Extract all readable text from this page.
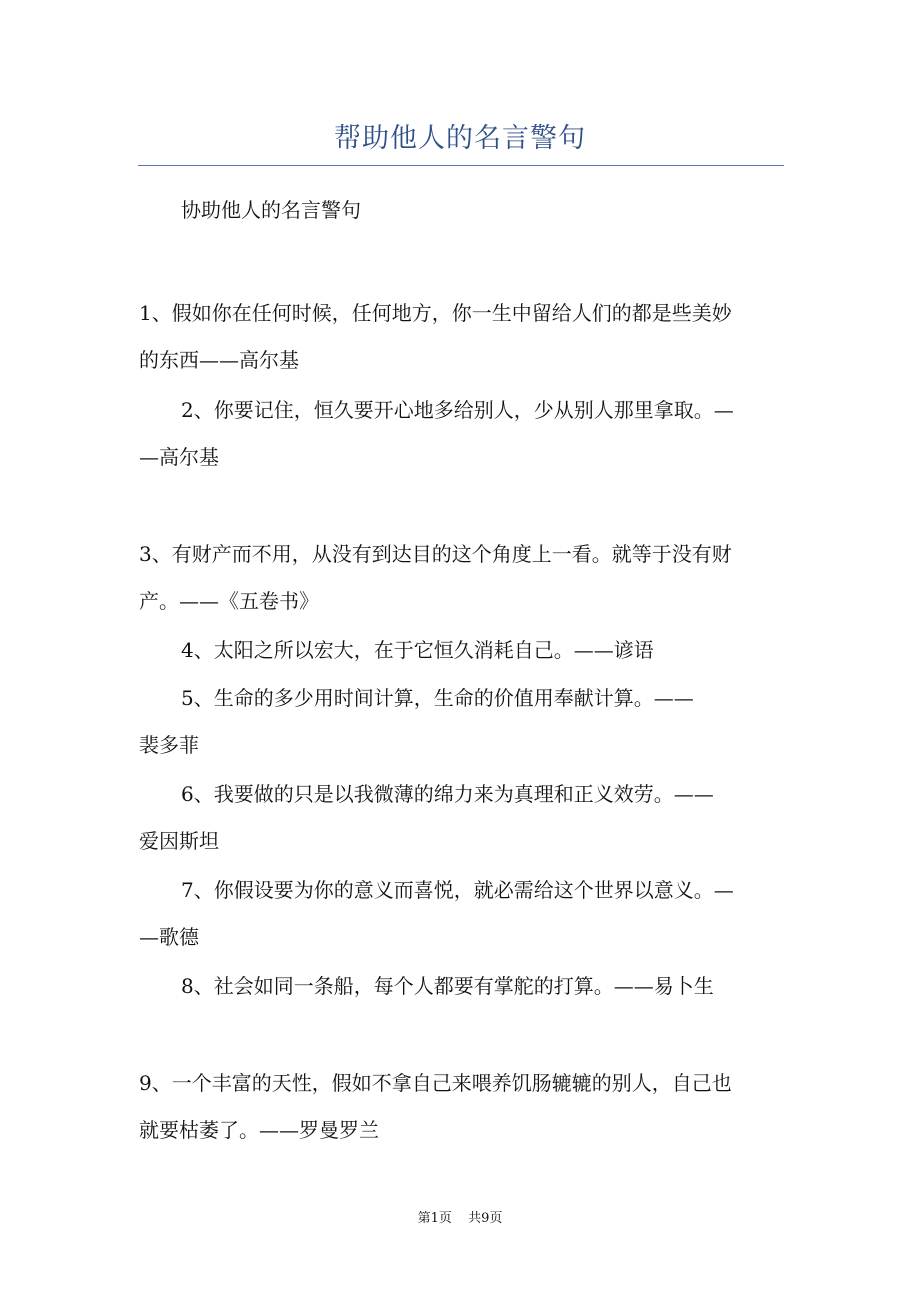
帮助他人的名言警句
协助他人的名言警句
1、假如你在任何时候，任何地方，你一生中留给人们的都是些美妙
的东西——高尔基
2、你要记住，恒久要开心地多给别人，少从别人那里拿取。—
—高尔基
3、有财产而不用，从没有到达目的这个角度上一看。就等于没有财
产。——《五卷书》
4、太阳之所以宏大，在于它恒久消耗自己。——谚语
5、生命的多少用时间计算，生命的价值用奉献计算。——
裴多菲
6、我要做的只是以我微薄的绵力来为真理和正义效劳。——
爱因斯坦
7、你假设要为你的意义而喜悦，就必需给这个世界以意义。—
—歌德
8、社会如同一条船，每个人都要有掌舵的打算。——易卜生
9、一个丰富的天性，假如不拿自己来喂养饥肠辘辘的别人，自己也
就要枯萎了。——罗曼罗兰
第1页 共9页
